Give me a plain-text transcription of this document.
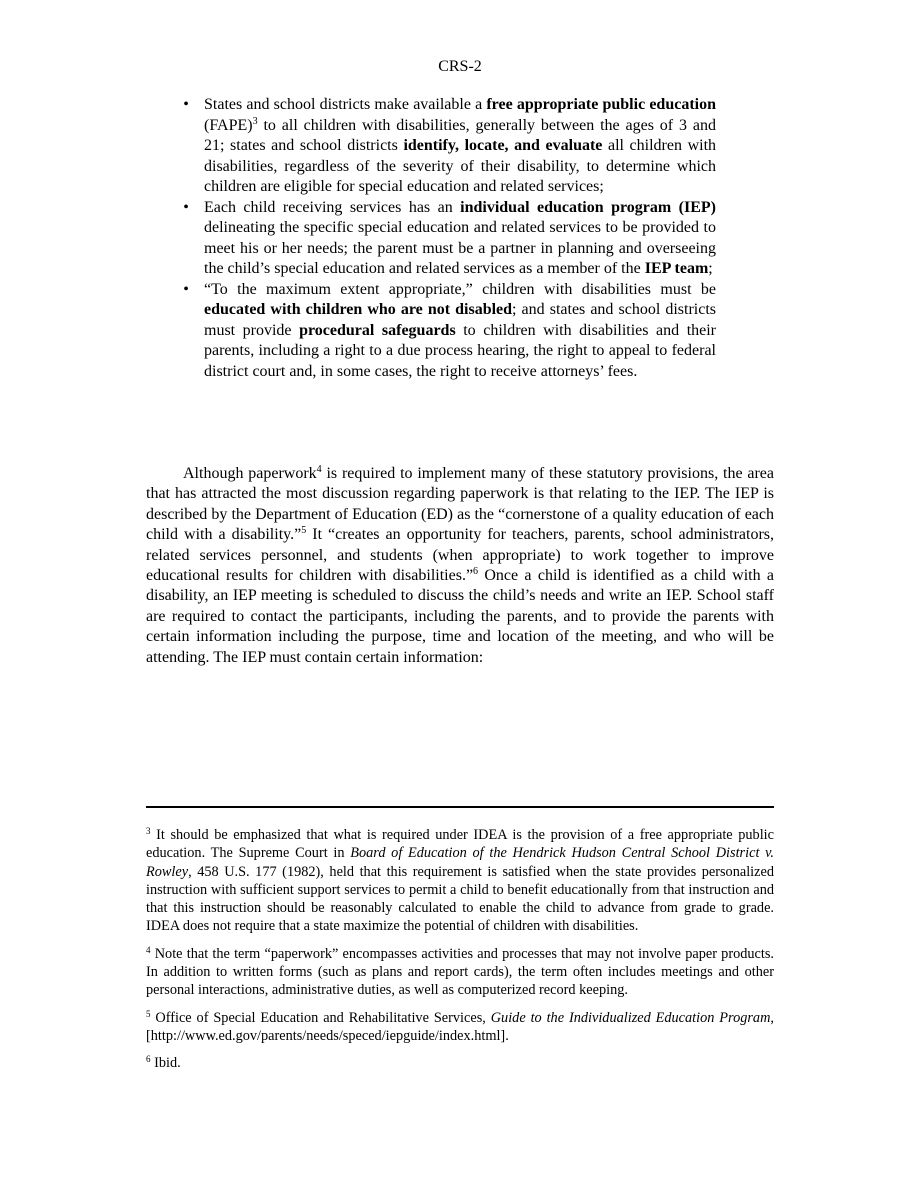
CRS-2
• States and school districts make available a free appropriate public education (FAPE)$^3$ to all children with disabilities, generally between the ages of 3 and 21; states and school districts identify, locate, and evaluate all children with disabilities, regardless of the severity of their disability, to determine which children are eligible for special education and related services;
• Each child receiving services has an individual education program (IEP) delineating the specific special education and related services to be provided to meet his or her needs; the parent must be a partner in planning and overseeing the child’s special education and related services as a member of the IEP team;
• “To the maximum extent appropriate,” children with disabilities must be educated with children who are not disabled; and states and school districts must provide procedural safeguards to children with disabilities and their parents, including a right to a due process hearing, the right to appeal to federal district court and, in some cases, the right to receive attorneys’ fees.

Although paperwork$^4$ is required to implement many of these statutory provisions, the area that has attracted the most discussion regarding paperwork is that relating to the IEP. The IEP is described by the Department of Education (ED) as the “cornerstone of a quality education of each child with a disability.”$^5$ It “creates an opportunity for teachers, parents, school administrators, related services personnel, and students (when appropriate) to work together to improve educational results for children with disabilities.”$^6$ Once a child is identified as a child with a disability, an IEP meeting is scheduled to discuss the child’s needs and write an IEP. School staff are required to contact the participants, including the parents, and to provide the parents with certain information including the purpose, time and location of the meeting, and who will be attending. The IEP must contain certain information:

$^3$ It should be emphasized that what is required under IDEA is the provision of a free appropriate public education. The Supreme Court in Board of Education of the Hendrick Hudson Central School District v. Rowley, 458 U.S. 177 (1982), held that this requirement is satisfied when the state provides personalized instruction with sufficient support services to permit a child to benefit educationally from that instruction and that this instruction should be reasonably calculated to enable the child to advance from grade to grade. IDEA does not require that a state maximize the potential of children with disabilities.

$^4$ Note that the term “paperwork” encompasses activities and processes that may not involve paper products. In addition to written forms (such as plans and report cards), the term often includes meetings and other personal interactions, administrative duties, as well as computerized record keeping.

$^5$ Office of Special Education and Rehabilitative Services, Guide to the Individualized Education Program, [http://www.ed.gov/parents/needs/speced/iepguide/index.html].

$^6$ Ibid.
